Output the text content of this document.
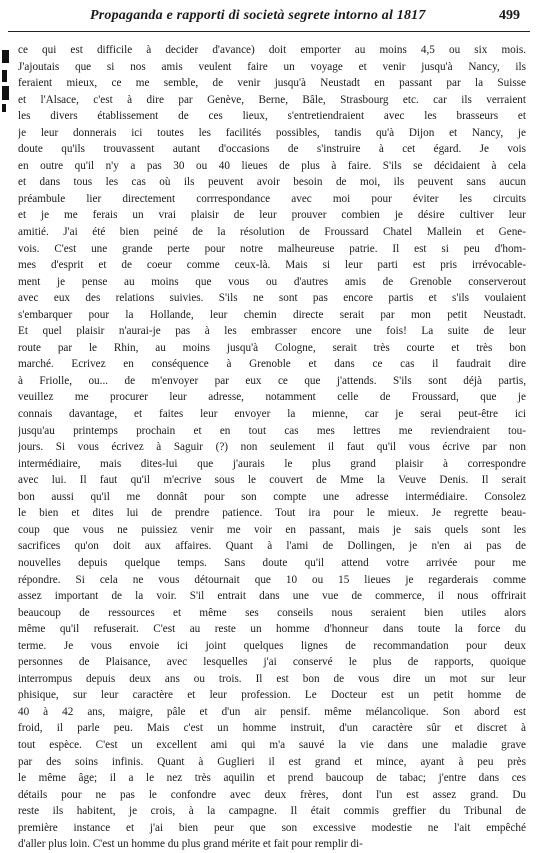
Propaganda e rapporti di società segrete intorno al 1817	499
ce qui est difficile à decider d'avance) doit emporter au moins 4,5 ou six mois.
J'ajoutais que si nos amis veulent faire un voyage et venir jusqu'à Nancy, ils
feraient mieux, ce me semble, de venir jusqu'à Neustadt en passant par la Suisse
et l'Alsace, c'est à dire par Genève, Berne, Bâle, Strasbourg etc. car ils verraient
les divers établissement de ces lieux, s'entretiendraient avec les brasseurs et
je leur donnerais ici toutes les facilités possibles, tandis qu'à Dijon et Nancy, je
doute qu'ils trouvassent autant d'occasions de s'instruire à cet égard. Je vois
en outre qu'il n'y a pas 30 ou 40 lieues de plus à faire. S'ils se décidaient à cela
et dans tous les cas où ils peuvent avoir besoin de moi, ils peuvent sans aucun
préambule lier directement corrrespondance avec moi pour éviter les circuits
et je me ferais un vrai plaisir de leur prouver combien je désire cultiver leur
amitié. J'ai été bien peiné de la résolution de Froussard Chatel Mallein et Gene-
vois. C'est une grande perte pour notre malheureuse patrie. Il est si peu d'hom-
mes d'esprit et de coeur comme ceux-là. Mais si leur parti est pris irrévocable-
ment je pense au moins que vous ou d'autres amis de Grenoble conserverout
avec eux des relations suivies. S'ils ne sont pas encore partis et s'ils voulaient
s'embarquer pour la Hollande, leur chemin directe serait par mon petit Neustadt.
Et quel plaisir n'aurai-je pas à les embrasser encore une fois! La suite de leur
route par le Rhin, au moins jusqu'à Cologne, serait très courte et très bon
marché. Ecrivez en conséquence à Grenoble et dans ce cas il faudrait dire
à Friolle, ou... de m'envoyer par eux ce que j'attends. S'ils sont déjà partis,
veuillez me procurer leur adresse, notamment celle de Froussard, que je
connais davantage, et faites leur envoyer la mienne, car je serai peut-être ici
jusqu'au printemps prochain et en tout cas mes lettres me reviendraient tou-
jours. Si vous écrivez à Saguir (?) non seulement il faut qu'il vous écrive par non
intermédiaire, mais dites-lui que j'aurais le plus grand plaisir à correspondre
avec lui. Il faut qu'il m'ecrive sous le couvert de Mme la Veuve Denis. Il serait
bon aussi qu'il me donnât pour son compte une adresse intermédiaire. Consolez
le bien et dites lui de prendre patience. Tout ira pour le mieux. Je regrette beau-
coup que vous ne puissiez venir me voir en passant, mais je sais quels sont les
sacrifices qu'on doit aux affaires. Quant à l'ami de Dollingen, je n'en ai pas de
nouvelles depuis quelque temps. Sans doute qu'il attend votre arrivée pour me
répondre. Si cela ne vous détournait que 10 ou 15 lieues je regarderais comme
assez important de la voir. S'il entrait dans une vue de commerce, il nous offrirait
beaucoup de ressources et même ses conseils nous seraient bien utiles alors
même qu'il refuserait. C'est au reste un homme d'honneur dans toute la force du
terme. Je vous envoie ici joint quelques lignes de recommandation pour deux
personnes de Plaisance, avec lesquelles j'ai conservé le plus de rapports, quoique
interrompus depuis deux ans ou trois. Il est bon de vous dire un mot sur leur
phisique, sur leur caractère et leur profession. Le Docteur est un petit homme de
40 à 42 ans, maigre, pâle et d'un air pensif. même mélancolique. Son abord est
froid, il parle peu. Mais c'est un homme instruit, d'un caractère sûr et discret à
tout espèce. C'est un excellent ami qui m'a sauvé la vie dans une maladie grave
par des soins infinis. Quant à Guglieri il est grand et mince, ayant à peu près
le même âge; il a le nez très aquilin et prend baucoup de tabac; j'entre dans ces
détails pour ne pas le confondre avec deux frères, dont l'un est assez grand. Du
reste ils habitent, je crois, à la campagne. Il était commis greffier du Tribunal de
première instance et j'ai bien peur que son excessive modestie ne l'ait empêché
d'aller plus loin. C'est un homme du plus grand mérite et fait pour remplir di-
